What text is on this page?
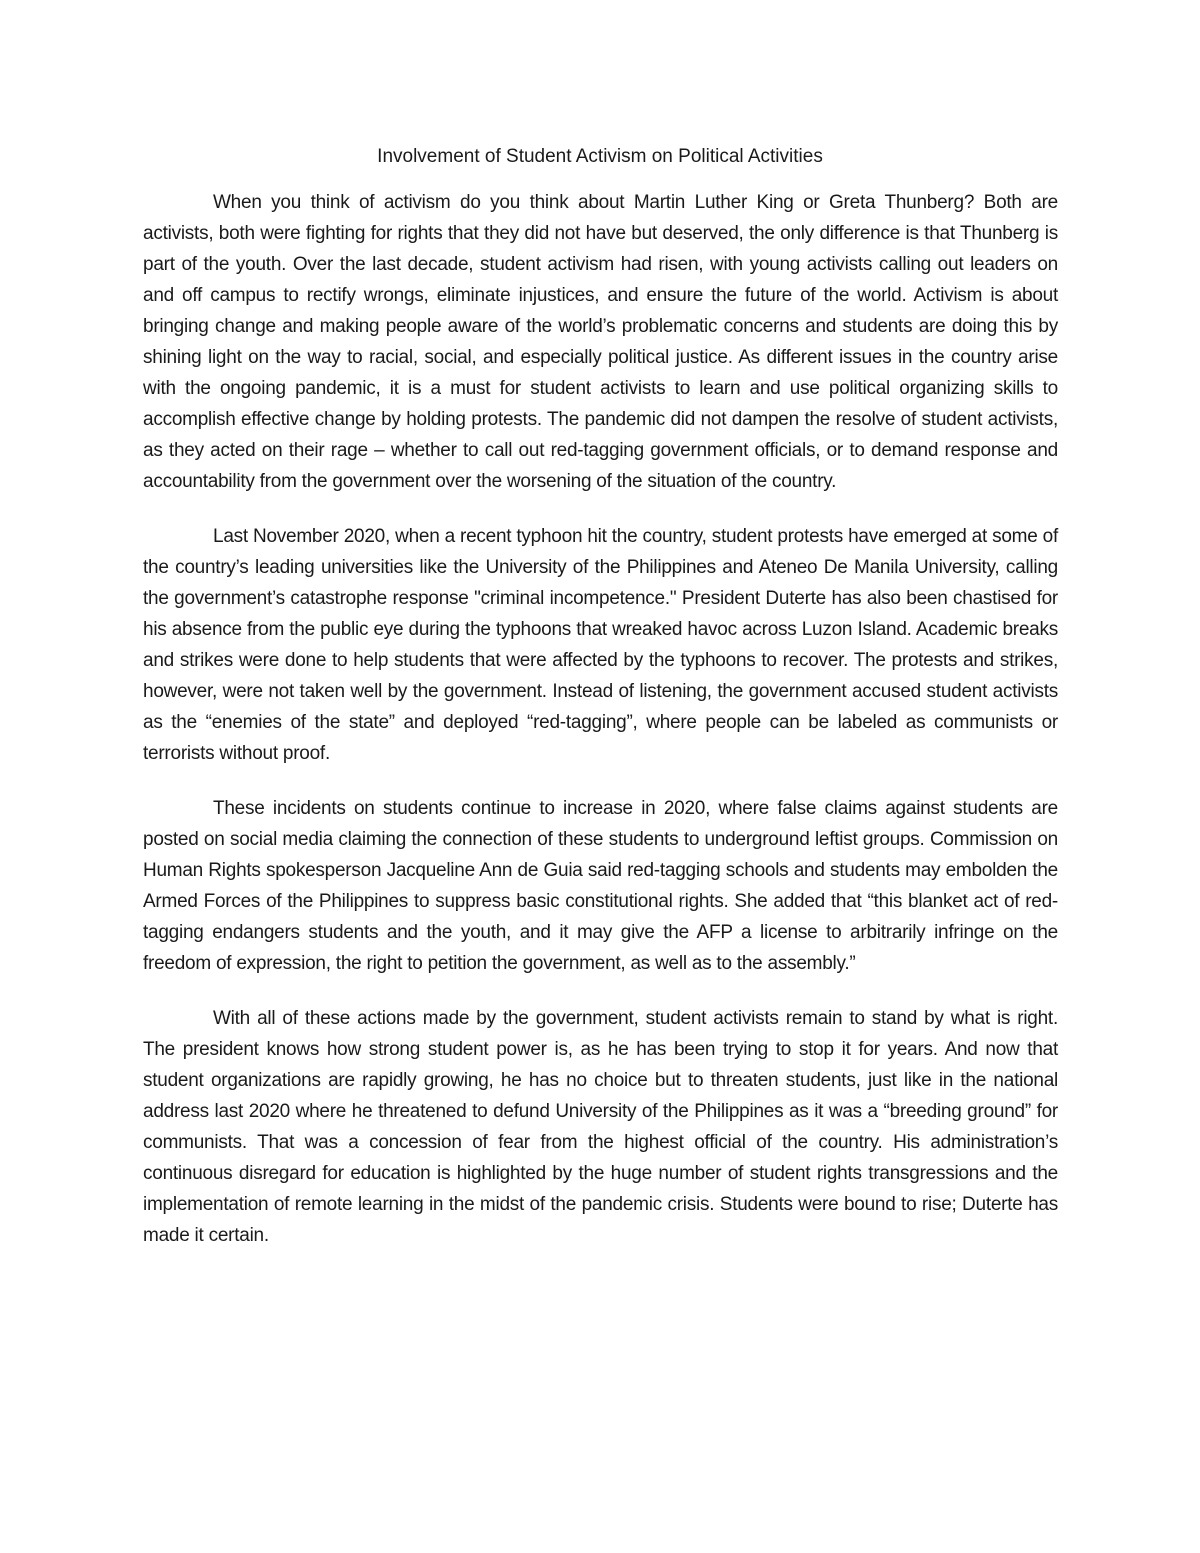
Involvement of Student Activism on Political Activities

When you think of activism do you think about Martin Luther King or Greta Thunberg? Both are activists, both were fighting for rights that they did not have but deserved, the only difference is that Thunberg is part of the youth. Over the last decade, student activism had risen, with young activists calling out leaders on and off campus to rectify wrongs, eliminate injustices, and ensure the future of the world. Activism is about bringing change and making people aware of the world’s problematic concerns and students are doing this by shining light on the way to racial, social, and especially political justice. As different issues in the country arise with the ongoing pandemic, it is a must for student activists to learn and use political organizing skills to accomplish effective change by holding protests. The pandemic did not dampen the resolve of student activists, as they acted on their rage – whether to call out red-tagging government officials, or to demand response and accountability from the government over the worsening of the situation of the country.

Last November 2020, when a recent typhoon hit the country, student protests have emerged at some of the country’s leading universities like the University of the Philippines and Ateneo De Manila University, calling the government’s catastrophe response "criminal incompetence." President Duterte has also been chastised for his absence from the public eye during the typhoons that wreaked havoc across Luzon Island. Academic breaks and strikes were done to help students that were affected by the typhoons to recover. The protests and strikes, however, were not taken well by the government. Instead of listening, the government accused student activists as the “enemies of the state” and deployed “red-tagging”, where people can be labeled as communists or terrorists without proof.

These incidents on students continue to increase in 2020, where false claims against students are posted on social media claiming the connection of these students to underground leftist groups. Commission on Human Rights spokesperson Jacqueline Ann de Guia said red-tagging schools and students may embolden the Armed Forces of the Philippines to suppress basic constitutional rights. She added that “this blanket act of red-tagging endangers students and the youth, and it may give the AFP a license to arbitrarily infringe on the freedom of expression, the right to petition the government, as well as to the assembly.”

With all of these actions made by the government, student activists remain to stand by what is right. The president knows how strong student power is, as he has been trying to stop it for years. And now that student organizations are rapidly growing, he has no choice but to threaten students, just like in the national address last 2020 where he threatened to defund University of the Philippines as it was a “breeding ground” for communists. That was a concession of fear from the highest official of the country. His administration’s continuous disregard for education is highlighted by the huge number of student rights transgressions and the implementation of remote learning in the midst of the pandemic crisis. Students were bound to rise; Duterte has made it certain.
